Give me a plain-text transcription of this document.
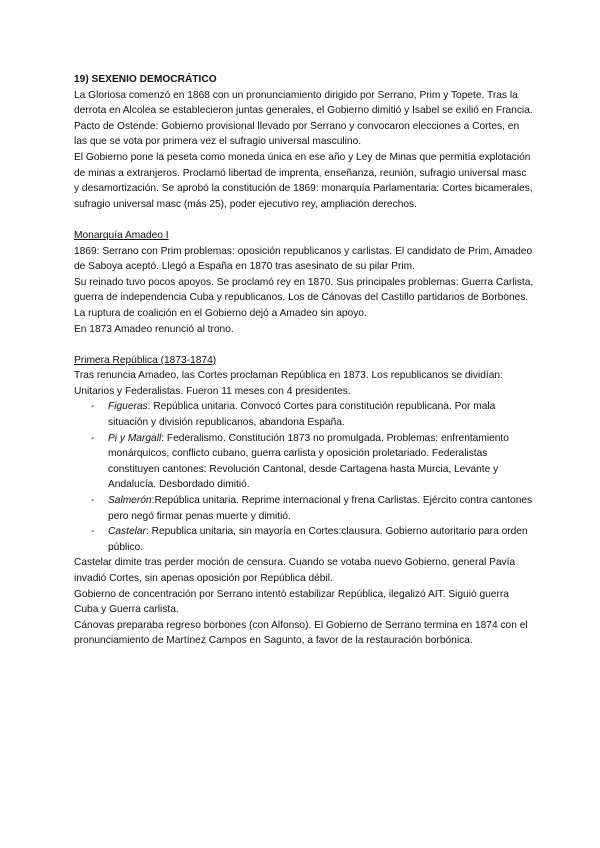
19) SEXENIO DEMOCRÁTICO

La Gloriosa comenzó en 1868 con un pronunciamiento dirigido por Serrano, Prim y Topete. Tras la derrota en Alcolea se establecieron juntas generales, el Gobierno dimitió y Isabel se exilió en Francia.

Pacto de Ostende: Gobierno provisional llevado por Serrano y convocaron elecciones a Cortes, en las que se vota por primera vez el sufragio universal masculino.

El Gobierno pone la peseta como moneda única en ese año y Ley de Minas que permitía explotación de minas a extranjeros. Proclamó libertad de imprenta, enseñanza, reunión, sufragio universal masc y desamortización. Se aprobó la constitución de 1869: monarquía Parlamentaria: Cortes bicamerales, sufragio universal masc (más 25), poder ejecutivo rey, ampliación derechos.

Monarquía Amadeo I

1869: Serrano con Prim problemas: oposición republicanos y carlistas. El candidato de Prim, Amadeo de Saboya aceptó. Llegó a España en 1870 tras asesinato de su pilar Prim.

Su reinado tuvo pocos apoyos. Se proclamó rey en 1870. Sus principales problemas: Guerra Carlista, guerra de independencia Cuba y republicanos. Los de Cánovas del Castillo partidarios de Borbones. La ruptura de coalición en el Gobierno dejó a Amadeo sin apoyo.

En 1873 Amadeo renunció al trono.

Primera República (1873-1874)

Tras renuncia Amadeo, las Cortes proclaman República en 1873. Los republicanos se dividían: Unitarios y Federalistas. Fueron 11 meses con 4 presidentes.

- Figueras: República unitaria. Convocó Cortes para constitución republicana. Por mala situación y división republicanos, abandona España.
- Pi y Margall: Federalismo. Constitución 1873 no promulgada. Problemas: enfrentamiento monárquicos, conflicto cubano, guerra carlista y oposición proletariado. Federalistas constituyen cantones: Revolución Cantonal, desde Cartagena hasta Murcia, Levante y Andalucía. Desbordado dimitió.
- Salmerón:República unitaria. Reprime internacional y frena Carlistas. Ejército contra cantones pero negó firmar penas muerte y dimitió.
- Castelar: Republica unitaria, sin mayoría en Cortes:clausura. Gobierno autoritario para orden público.

Castelar dimite tras perder moción de censura. Cuando se votaba nuevo Gobierno, general Pavía invadió Cortes, sin apenas oposición por República débil.

Gobierno de concentración por Serrano intentó estabilizar República, ilegalizó AIT. Siguió guerra Cuba y Guerra carlista.

Cánovas preparaba regreso borbones (con Alfonso). El Gobierno de Serrano termina en 1874 con el pronunciamiento de Martínez Campos en Sagunto, a favor de la restauración borbónica.
